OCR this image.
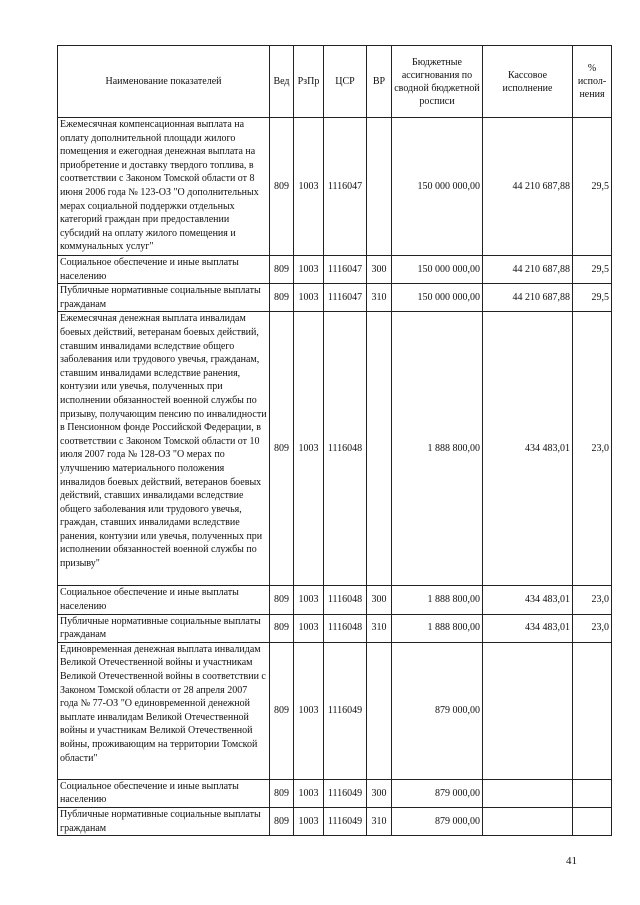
Наименование показателей	Вед	РзПр	ЦСР	ВР	Бюджетные ассигнования по сводной бюджетной росписи	Кассовое исполнение	% испол-нения
Ежемесячная компенсационная выплата на оплату дополнительной площади жилого помещения и ежегодная денежная выплата на приобретение и доставку твердого топлива, в соответствии с Законом Томской области от 8 июня 2006 года № 123-ОЗ "О дополнительных мерах социальной поддержки отдельных категорий граждан при предоставлении субсидий на оплату жилого помещения и коммунальных услуг"	809	1003	1116047		150 000 000,00	44 210 687,88	29,5
Социальное обеспечение и иные выплаты населению	809	1003	1116047	300	150 000 000,00	44 210 687,88	29,5
Публичные нормативные социальные выплаты гражданам	809	1003	1116047	310	150 000 000,00	44 210 687,88	29,5
Ежемесячная денежная выплата инвалидам боевых действий, ветеранам боевых действий, ставшим инвалидами вследствие общего заболевания или трудового увечья, гражданам, ставшим инвалидами вследствие ранения, контузии или увечья, полученных при исполнении обязанностей военной службы по призыву, получающим пенсию по инвалидности в Пенсионном фонде Российской Федерации, в соответствии с Законом Томской области от 10 июля 2007 года № 128-ОЗ "О мерах по улучшению материального положения инвалидов боевых действий, ветеранов боевых действий, ставших инвалидами вследствие общего заболевания или трудового увечья, граждан, ставших инвалидами вследствие ранения, контузии или увечья, полученных при исполнении обязанностей военной службы по призыву"	809	1003	1116048		1 888 800,00	434 483,01	23,0
Социальное обеспечение и иные выплаты населению	809	1003	1116048	300	1 888 800,00	434 483,01	23,0
Публичные нормативные социальные выплаты гражданам	809	1003	1116048	310	1 888 800,00	434 483,01	23,0
Единовременная денежная выплата инвалидам Великой Отечественной войны и участникам Великой Отечественной войны в соответствии с Законом Томской области от 28 апреля 2007 года № 77-ОЗ "О единовременной денежной выплате инвалидам Великой Отечественной войны и участникам Великой Отечественной войны, проживающим на территории Томской области"	809	1003	1116049		879 000,00		
Социальное обеспечение и иные выплаты населению	809	1003	1116049	300	879 000,00		
Публичные нормативные социальные выплаты гражданам	809	1003	1116049	310	879 000,00		
41
